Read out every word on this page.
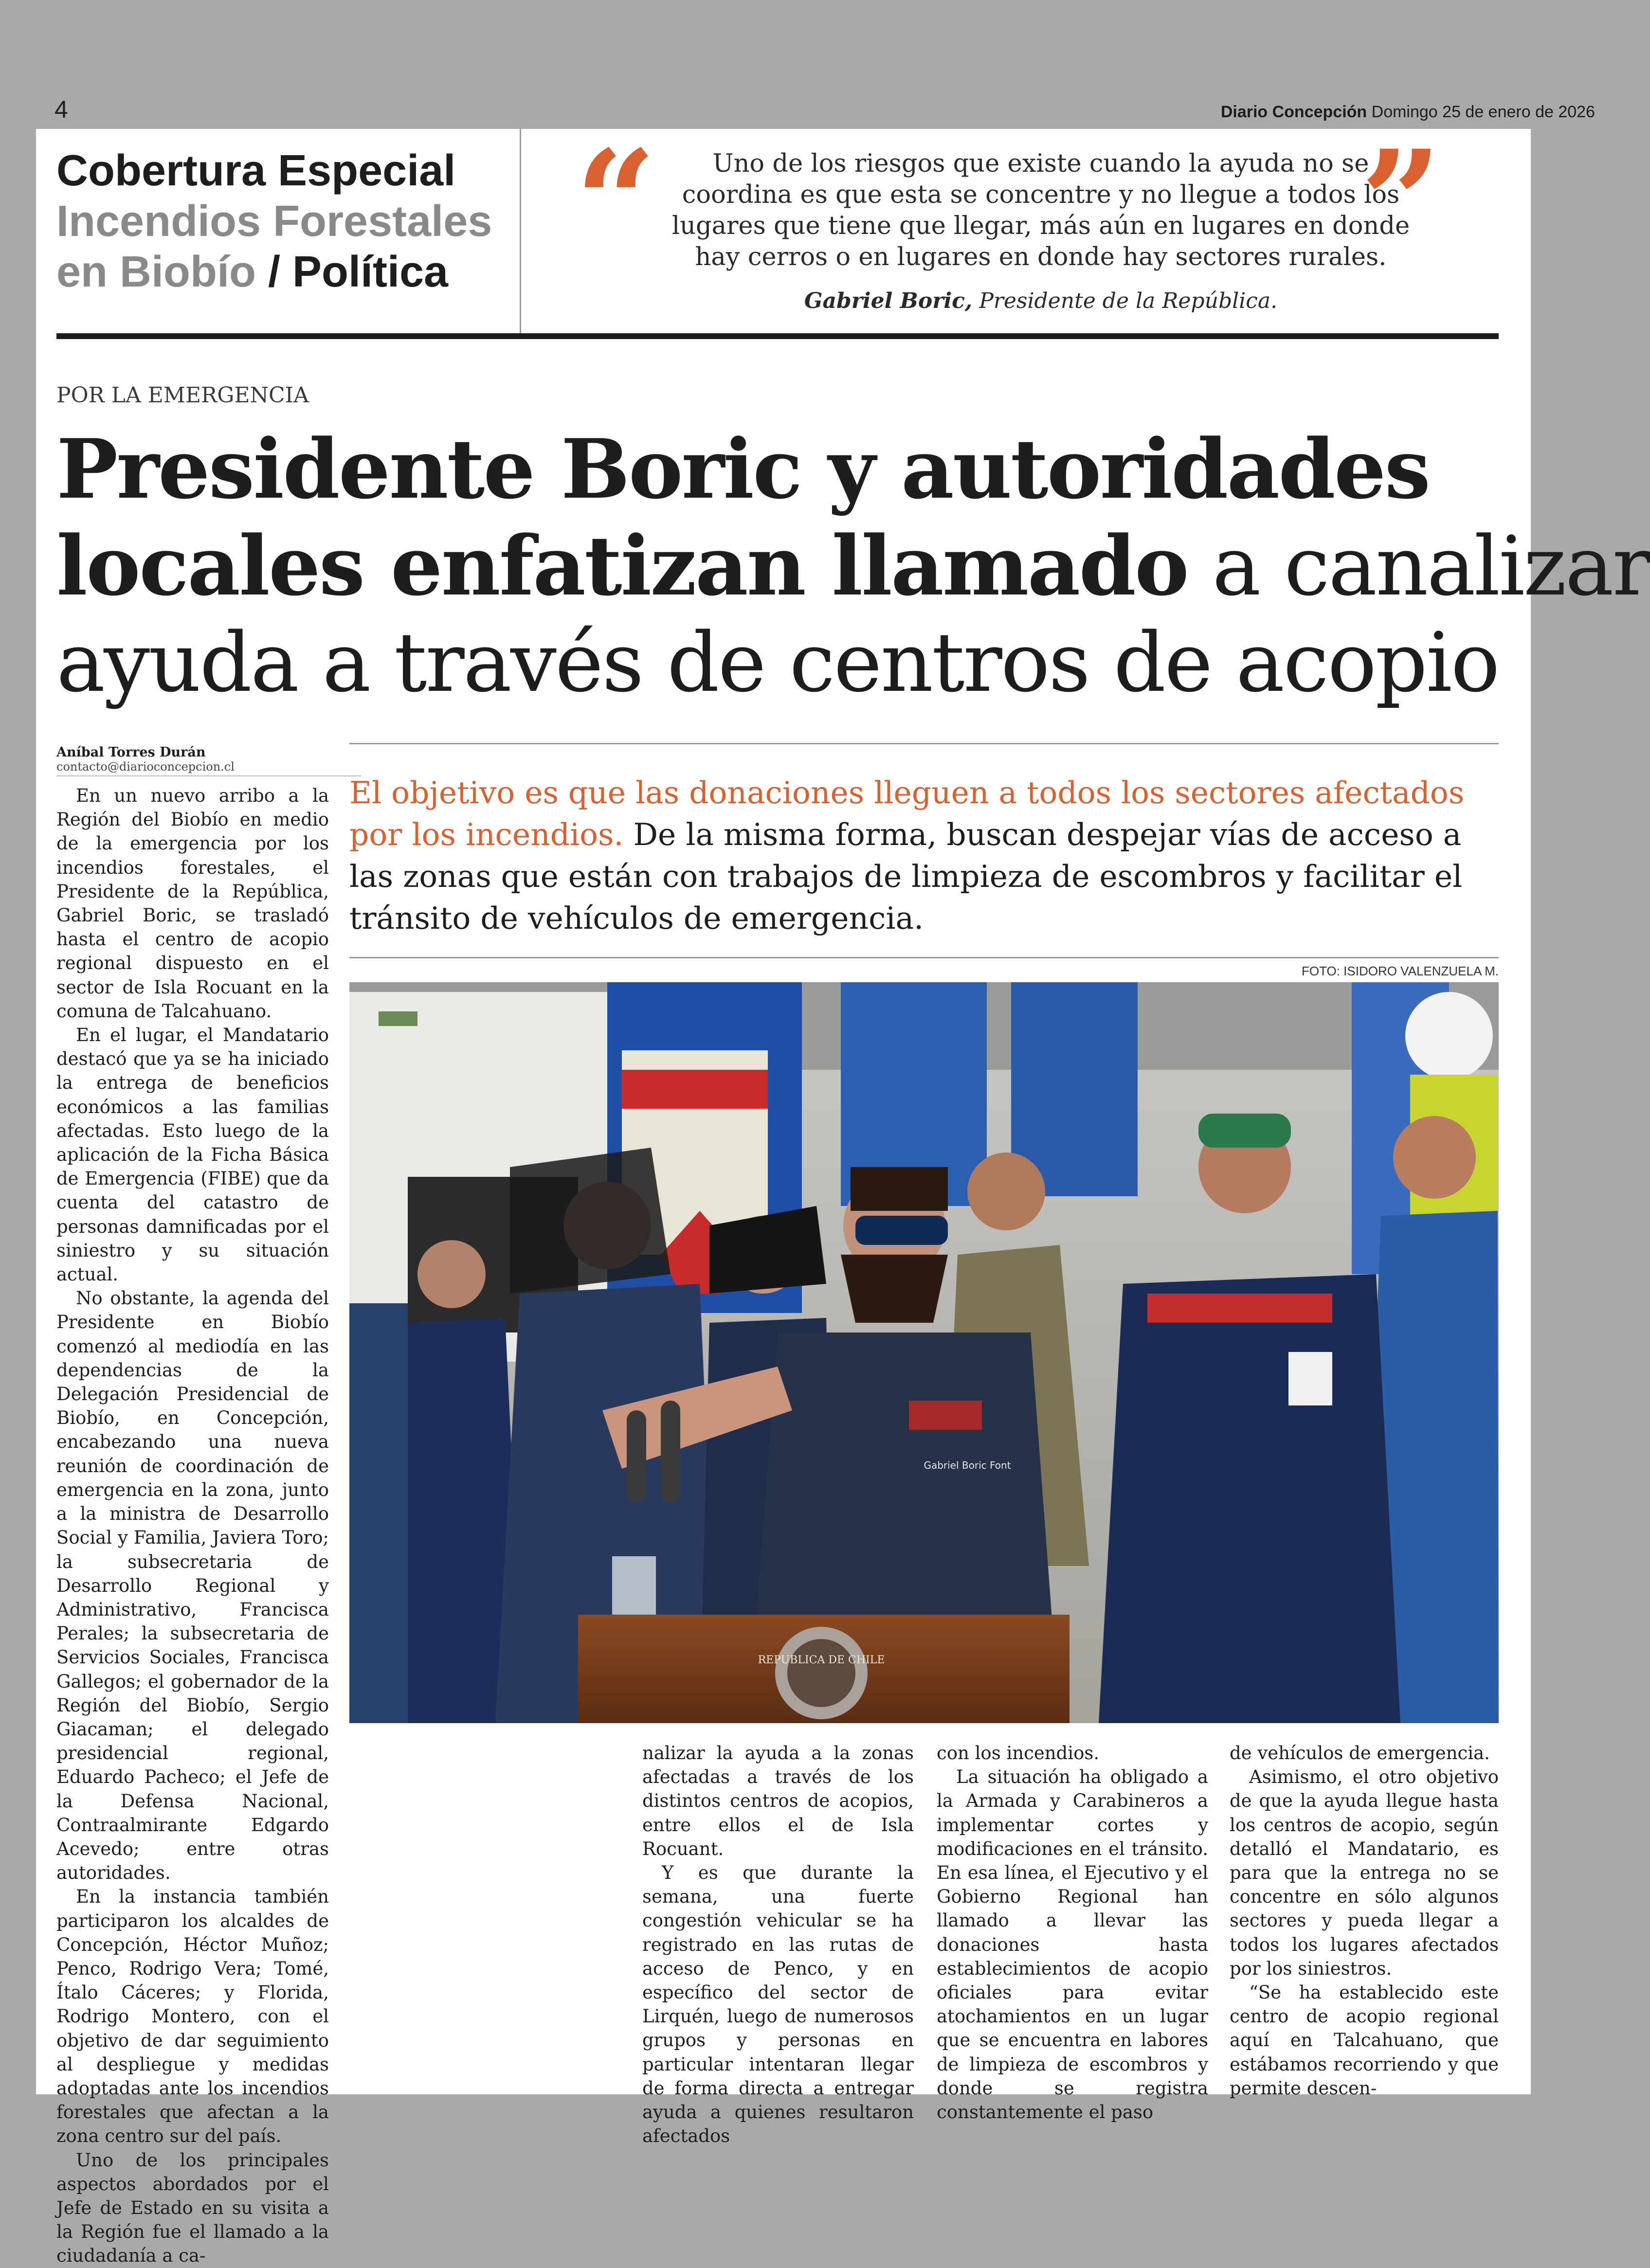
4	Diario Concepción Domingo 25 de enero de 2026
Cobertura Especial
Incendios Forestales
en Biobío / Política “	Uno de los riesgos que existe cuando la ayuda no se coordina es que esta se concentre y no llegue a todos los lugares que tiene que llegar, más aún en lugares en donde hay cerros o en lugares en donde hay sectores rurales.
”
Gabriel Boric, Presidente de la República.
POR LA EMERGENCIA
Presidente Boric y autoridades
locales enfatizan llamado a canalizar
ayuda a través de centros de acopio
Aníbal Torres Durán
contacto@diarioconcepcion.cl
El objetivo es que las donaciones lleguen a todos los sectores afectados por los incendios. De la misma forma, buscan despejar vías de acceso a las zonas que están con trabajos de limpieza de escombros y facilitar el tránsito de vehículos de emergencia.
FOTO: ISIDORO VALENZUELA M.
REPUBLICA DE CHILE
Gabriel Boric Font

En un nuevo arribo a la Región del Biobío en medio de la emergencia por los incendios forestales, el Presidente de la República, Gabriel Boric, se trasladó hasta el centro de acopio regional dispuesto en el sector de Isla Rocuant en la comuna de Talcahuano.

En el lugar, el Mandatario destacó que ya se ha iniciado la entrega de beneficios económicos a las familias afectadas. Esto luego de la aplicación de la Ficha Básica de Emergencia (FIBE) que da cuenta del catastro de personas damnificadas por el siniestro y su situación actual.

No obstante, la agenda del Presidente en Biobío comenzó al mediodía en las dependencias de la Delegación Presidencial de Biobío, en Concepción, encabezando una nueva reunión de coordinación de emergencia en la zona, junto a la ministra de Desarrollo Social y Familia, Javiera Toro; la subsecretaria de Desarrollo Regional y Administrativo, Francisca Perales; la subsecretaria de Servicios Sociales, Francisca Gallegos; el gobernador de la Región del Biobío, Sergio Giacaman; el delegado presidencial regional, Eduardo Pacheco; el Jefe de la Defensa Nacional, Contraalmirante Edgardo Acevedo; entre otras autoridades.

En la instancia también participaron los alcaldes de Concepción, Héctor Muñoz; Penco, Rodrigo Vera; Tomé, Ítalo Cáceres; y Florida, Rodrigo Montero, con el objetivo de dar seguimiento al despliegue y medidas adoptadas ante los incendios forestales que afectan a la zona centro sur del país.

Uno de los principales aspectos abordados por el Jefe de Estado en su visita a la Región fue el llamado a la ciudadanía a ca-

nalizar la ayuda a la zonas afectadas a través de los distintos centros de acopios, entre ellos el de Isla Rocuant.

Y es que durante la semana, una fuerte congestión vehicular se ha registrado en las rutas de acceso de Penco, y en específico del sector de Lirquén, luego de numerosos grupos y personas en particular intentaran llegar de forma directa a entregar ayuda a quienes resultaron afectados

con los incendios.

La situación ha obligado a la Armada y Carabineros a implementar cortes y modificaciones en el tránsito. En esa línea, el Ejecutivo y el Gobierno Regional han llamado a llevar las donaciones hasta establecimientos de acopio oficiales para evitar atochamientos en un lugar que se encuentra en labores de limpieza de escombros y donde se registra constantemente el paso

de vehículos de emergencia.

Asimismo, el otro objetivo de que la ayuda llegue hasta los centros de acopio, según detalló el Mandatario, es para que la entrega no se concentre en sólo algunos sectores y pueda llegar a todos los lugares afectados por los siniestros.

“Se ha establecido este centro de acopio regional aquí en Talcahuano, que estábamos recorriendo y que permite descen-
